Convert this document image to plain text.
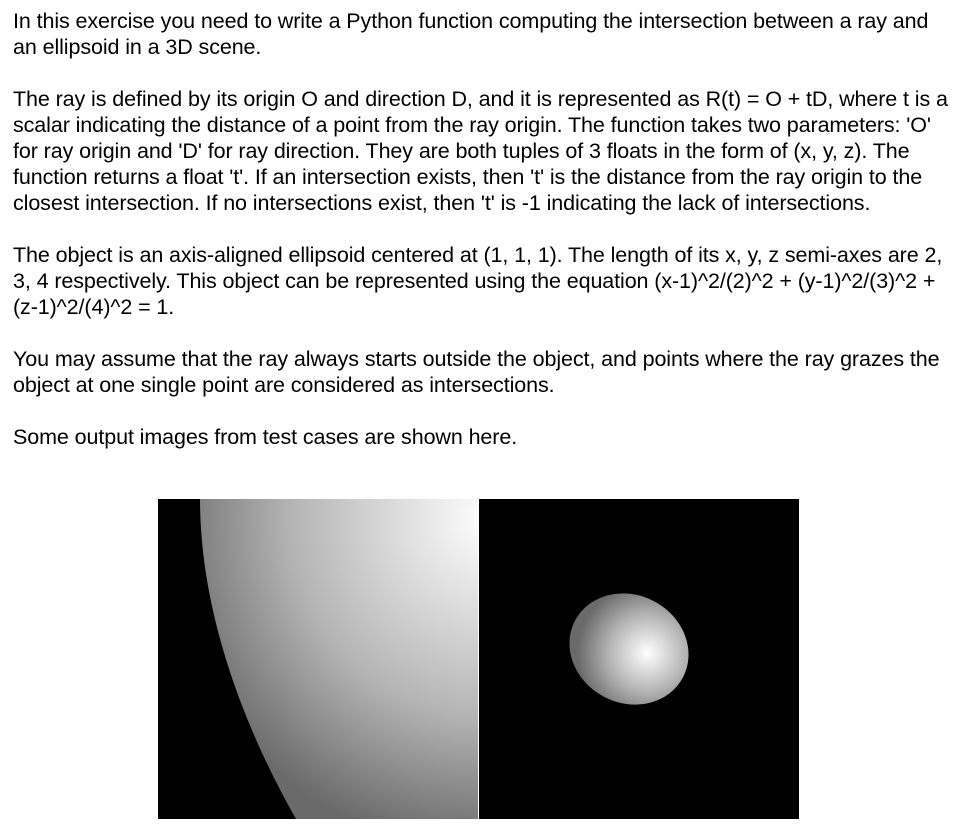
In this exercise you need to write a Python function computing the intersection between a ray and an ellipsoid in a 3D scene.

The ray is defined by its origin O and direction D, and it is represented as R(t) = O + tD, where t is a scalar indicating the distance of a point from the ray origin. The function takes two parameters: 'O' for ray origin and 'D' for ray direction. They are both tuples of 3 floats in the form of (x, y, z). The function returns a float 't'. If an intersection exists, then 't' is the distance from the ray origin to the closest intersection. If no intersections exist, then 't' is -1 indicating the lack of intersections.

The object is an axis-aligned ellipsoid centered at (1, 1, 1). The length of its x, y, z semi-axes are 2, 3, 4 respectively. This object can be represented using the equation (x-1)^2/(2)^2 + (y-1)^2/(3)^2 + (z-1)^2/(4)^2 = 1.

You may assume that the ray always starts outside the object, and points where the ray grazes the object at one single point are considered as intersections.

Some output images from test cases are shown here.
